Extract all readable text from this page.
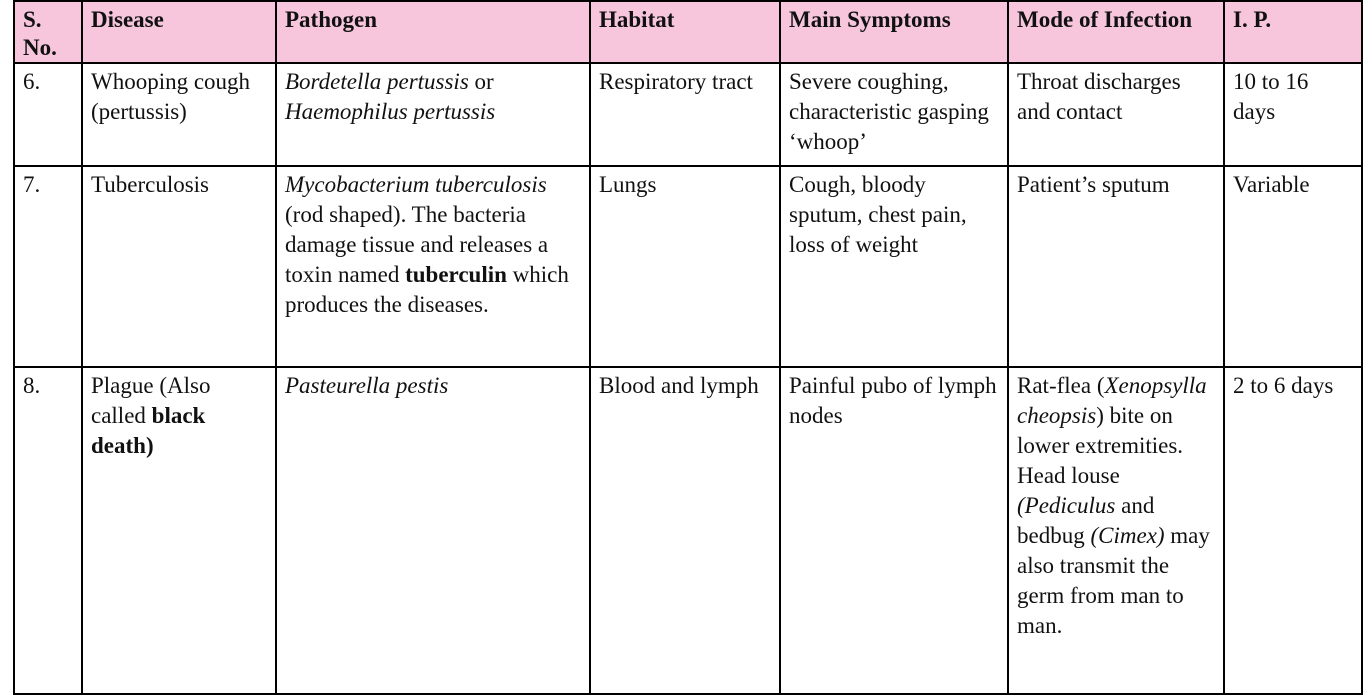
S. No.	Disease	Pathogen	Habitat	Main Symptoms	Mode of Infection	I. P.
6.	Whooping cough (pertussis)	Bordetella pertussis or Haemophilus pertussis	Respiratory tract	Severe coughing, characteristic gasping ‘whoop’	Throat discharges and contact	10 to 16 days
7.	Tuberculosis	Mycobacterium tuberculosis (rod shaped). The bacteria damage tissue and releases a toxin named tuberculin which produces the diseases.	Lungs	Cough, bloody sputum, chest pain, loss of weight	Patient’s sputum	Variable
8.	Plague (Also called black death)	Pasteurella pestis	Blood and lymph	Painful pubo of lymph nodes	Rat-flea (Xenopsylla cheopsis) bite on lower extremities. Head louse (Pediculus and bedbug (Cimex) may also transmit the germ from man to man.	2 to 6 days
